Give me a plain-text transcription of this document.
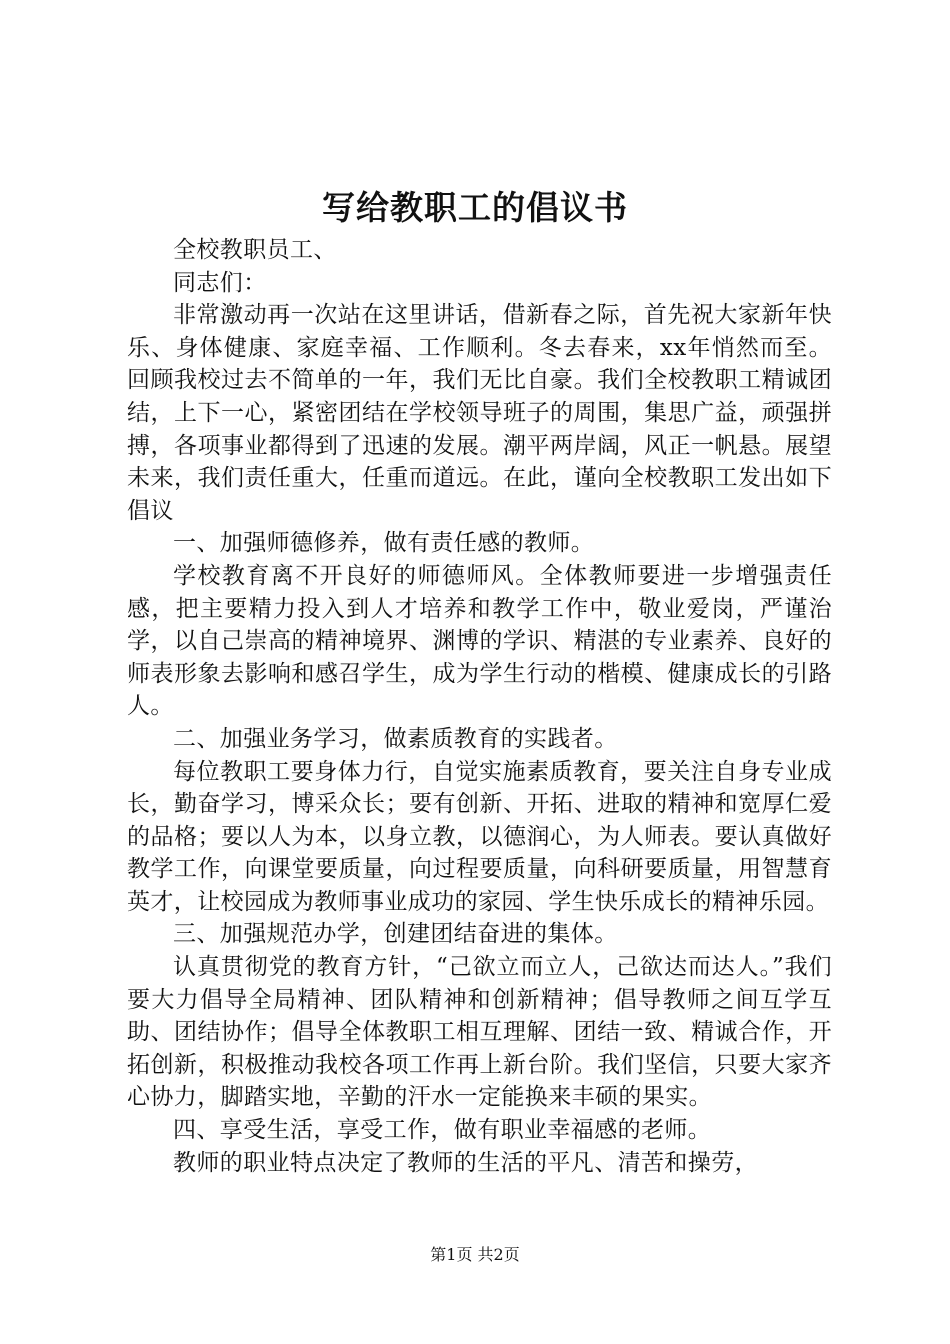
写给教职工的倡议书

全校教职员工、

同志们：

非常激动再一次站在这里讲话，借新春之际，首先祝大家新年快乐、身体健康、家庭幸福、工作顺利。冬去春来，xx年悄然而至。回顾我校过去不简单的一年，我们无比自豪。我们全校教职工精诚团结，上下一心，紧密团结在学校领导班子的周围，集思广益，顽强拼搏，各项事业都得到了迅速的发展。潮平两岸阔，风正一帆悬。展望未来，我们责任重大，任重而道远。在此，谨向全校教职工发出如下倡议

一、加强师德修养，做有责任感的教师。

学校教育离不开良好的师德师风。全体教师要进一步增强责任感，把主要精力投入到人才培养和教学工作中，敬业爱岗，严谨治学，以自己崇高的精神境界、渊博的学识、精湛的专业素养、良好的师表形象去影响和感召学生，成为学生行动的楷模、健康成长的引路人。

二、加强业务学习，做素质教育的实践者。

每位教职工要身体力行，自觉实施素质教育，要关注自身专业成长，勤奋学习，博采众长；要有创新、开拓、进取的精神和宽厚仁爱的品格；要以人为本，以身立教，以德润心，为人师表。要认真做好教学工作，向课堂要质量，向过程要质量，向科研要质量，用智慧育英才，让校园成为教师事业成功的家园、学生快乐成长的精神乐园。

三、加强规范办学，创建团结奋进的集体。

认真贯彻党的教育方针，“己欲立而立人，己欲达而达人。”我们要大力倡导全局精神、团队精神和创新精神；倡导教师之间互学互助、团结协作；倡导全体教职工相互理解、团结一致、精诚合作，开拓创新，积极推动我校各项工作再上新台阶。我们坚信，只要大家齐心协力，脚踏实地，辛勤的汗水一定能换来丰硕的果实。

四、享受生活，享受工作，做有职业幸福感的老师。

教师的职业特点决定了教师的生活的平凡、清苦和操劳，

第1页 共2页
